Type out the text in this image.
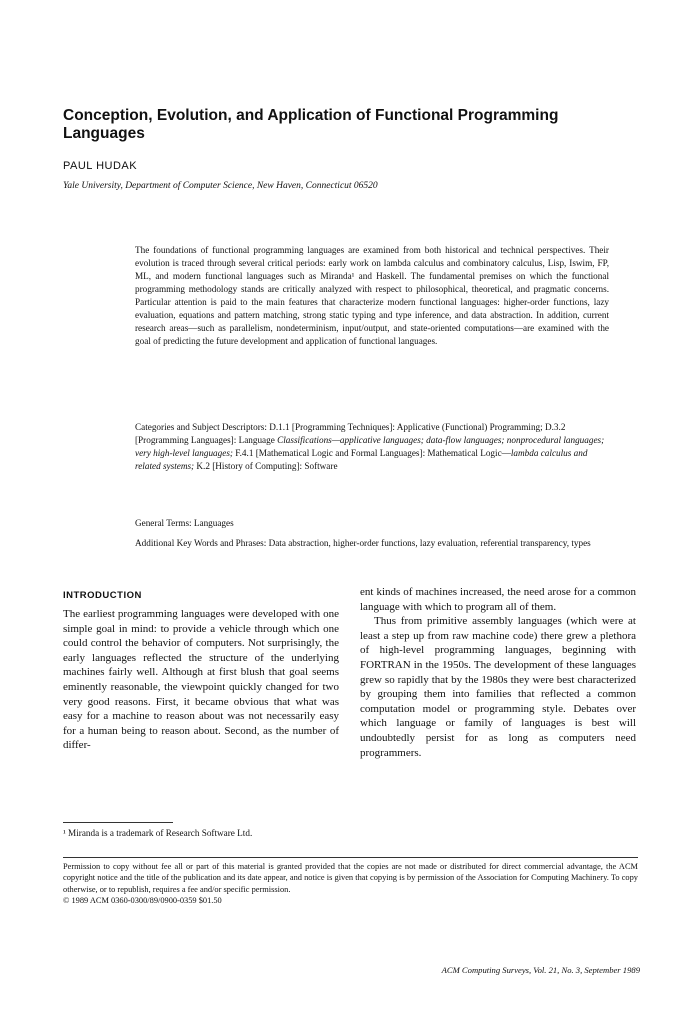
Conception, Evolution, and Application of Functional Programming Languages
PAUL HUDAK
Yale University, Department of Computer Science, New Haven, Connecticut 06520

The foundations of functional programming languages are examined from both historical and technical perspectives. Their evolution is traced through several critical periods: early work on lambda calculus and combinatory calculus, Lisp, Iswim, FP, ML, and modern functional languages such as Miranda¹ and Haskell. The fundamental premises on which the functional programming methodology stands are critically analyzed with respect to philosophical, theoretical, and pragmatic concerns. Particular attention is paid to the main features that characterize modern functional languages: higher-order functions, lazy evaluation, equations and pattern matching, strong static typing and type inference, and data abstraction. In addition, current research areas—such as parallelism, nondeterminism, input/output, and state-oriented computations—are examined with the goal of predicting the future development and application of functional languages.

Categories and Subject Descriptors: D.1.1 [Programming Techniques]: Applicative (Functional) Programming; D.3.2 [Programming Languages]: Language Classifications—applicative languages; data-flow languages; nonprocedural languages; very high-level languages; F.4.1 [Mathematical Logic and Formal Languages]: Mathematical Logic—lambda calculus and related systems; K.2 [History of Computing]: Software

General Terms: Languages

Additional Key Words and Phrases: Data abstraction, higher-order functions, lazy evaluation, referential transparency, types

INTRODUCTION

The earliest programming languages were developed with one simple goal in mind: to provide a vehicle through which one could control the behavior of computers. Not surprisingly, the early languages reflected the structure of the underlying machines fairly well. Although at first blush that goal seems eminently reasonable, the viewpoint quickly changed for two very good reasons. First, it became obvious that what was easy for a machine to reason about was not necessarily easy for a human being to reason about. Second, as the number of differ-

ent kinds of machines increased, the need arose for a common language with which to program all of them.

Thus from primitive assembly languages (which were at least a step up from raw machine code) there grew a plethora of high-level programming languages, beginning with FORTRAN in the 1950s. The development of these languages grew so rapidly that by the 1980s they were best characterized by grouping them into families that reflected a common computation model or programming style. Debates over which language or family of languages is best will undoubtedly persist for as long as computers need programmers.

¹ Miranda is a trademark of Research Software Ltd.

Permission to copy without fee all or part of this material is granted provided that the copies are not made or distributed for direct commercial advantage, the ACM copyright notice and the title of the publication and its date appear, and notice is given that copying is by permission of the Association for Computing Machinery. To copy otherwise, or to republish, requires a fee and/or specific permission.
© 1989 ACM 0360-0300/89/0900-0359 $01.50

ACM Computing Surveys, Vol. 21, No. 3, September 1989
